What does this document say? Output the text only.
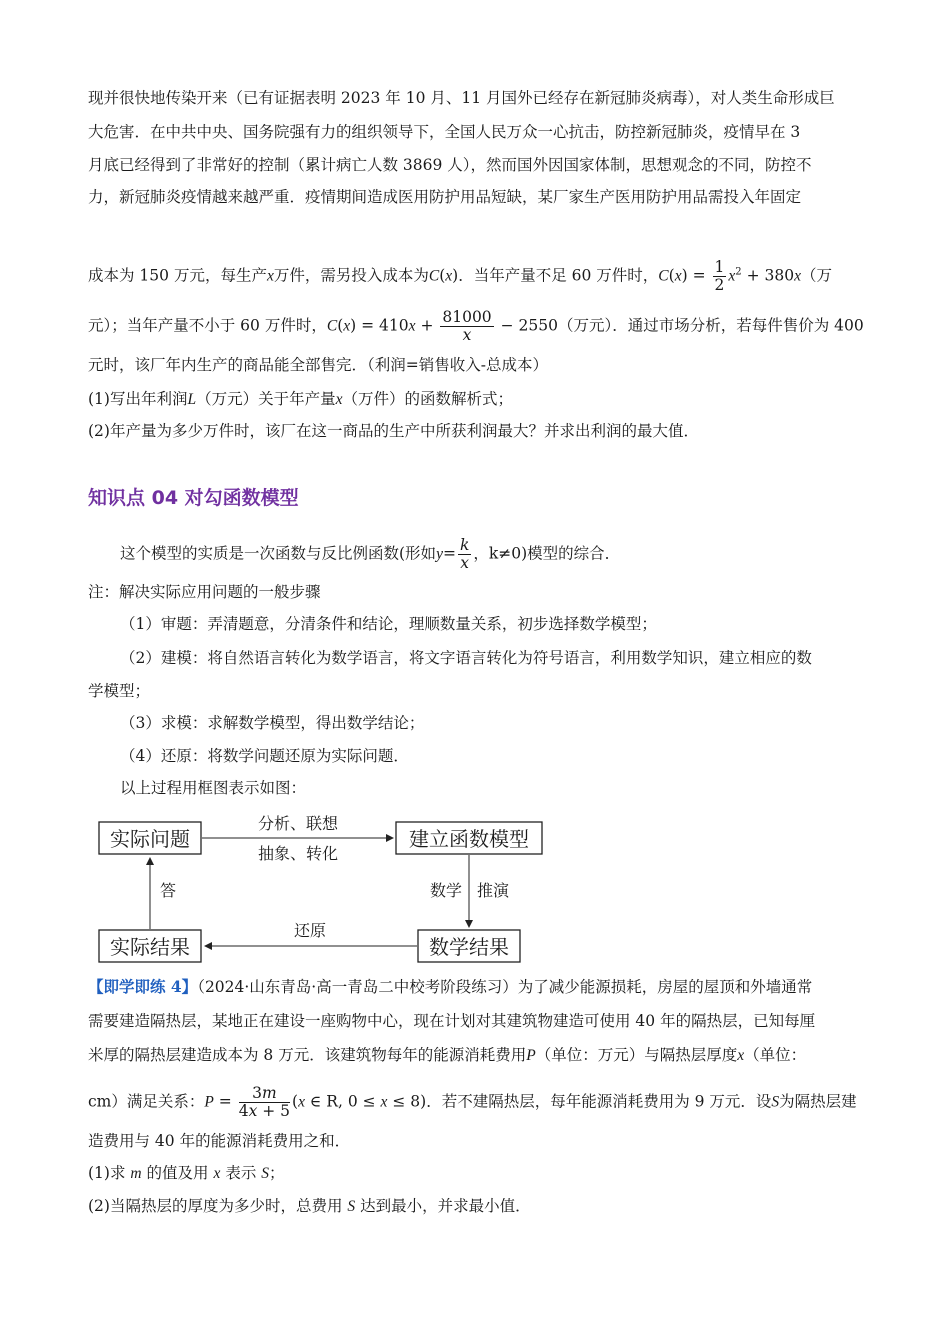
现并很快地传染开来（已有证据表明 2023 年 10 月、11 月国外已经存在新冠肺炎病毒），对人类生命形成巨
大危害．在中共中央、国务院强有力的组织领导下，全国人民万众一心抗击，防控新冠肺炎，疫情早在 3
月底已经得到了非常好的控制（累计病亡人数 3869 人），然而国外因国家体制，思想观念的不同，防控不
力，新冠肺炎疫情越来越严重．疫情期间造成医用防护用品短缺，某厂家生产医用防护用品需投入年固定
成本为 150 万元，每生产x万件，需另投入成本为C(x)．当年产量不足 60 万件时，$C(x) = \frac{1}{2} x^2 + 380x$（万
元）；当年产量不小于 60 万件时，$C(x) = 410x + \frac{81000}{x} - 2550$（万元）．通过市场分析，若每件售价为 400
元时，该厂年内生产的商品能全部售完．（利润=销售收入-总成本）
(1)写出年利润L（万元）关于年产量x（万件）的函数解析式；
(2)年产量为多少万件时，该厂在这一商品的生产中所获利润最大？并求出利润的最大值．
知识点 04 对勾函数模型
这个模型的实质是一次函数与反比例函数(形如$y= \frac{k}{x}$ ，k≠0)模型的综合．
注：解决实际应用问题的一般步骤
（1）审题：弄清题意，分清条件和结论，理顺数量关系，初步选择数学模型；
（2）建模：将自然语言转化为数学语言，将文字语言转化为符号语言，利用数学知识，建立相应的数
学模型；
（3）求模：求解数学模型，得出数学结论；
（4）还原：将数学问题还原为实际问题．
以上过程用框图表示如图：
实际问题	建立函数模型
实际结果	数学结果
分析、联想
抽象、转化
数学 推演
还原
答
【即学即练 4】（2024·山东青岛·高一青岛二中校考阶段练习）为了减少能源损耗，房屋的屋顶和外墙通常
需要建造隔热层，某地正在建设一座购物中心，现在计划对其建筑物建造可使用 40 年的隔热层，已知每厘
米厚的隔热层建造成本为 8 万元．该建筑物每年的能源消耗费用P（单位：万元）与隔热层厚度x（单位：
cm）满足关系：$P = \frac{3m}{4x + 5} (x$ ∈ R, 0 ≤ x ≤ 8)．若不建隔热层，每年能源消耗费用为 9 万元．设S为隔热层建
造费用与 40 年的能源消耗费用之和．
(1)求 m 的值及用 x 表示 S；
(2)当隔热层的厚度为多少时，总费用 S 达到最小，并求最小值．
